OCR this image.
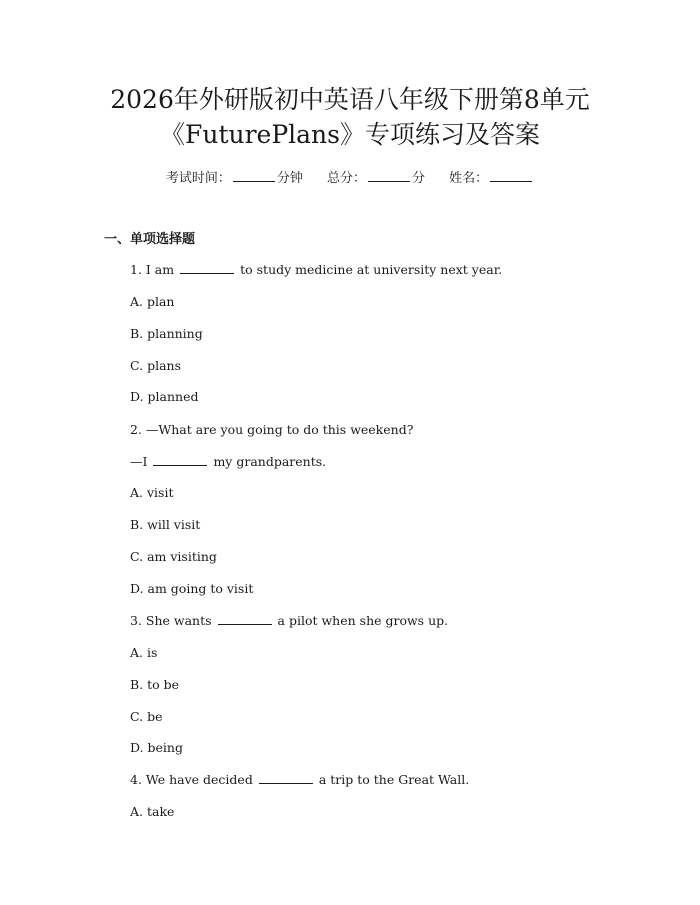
2026年外研版初中英语八年级下册第8单元
《FuturePlans》专项练习及答案
考试时间：	分钟 总分：	分 姓名：
一、单项选择题
1. I am	to study medicine at university next year.
A. plan
B. planning
C. plans
D. planned
2. —What are you going to do this weekend?
—I	my grandparents.
A. visit
B. will visit
C. am visiting
D. am going to visit
3. She wants	a pilot when she grows up.
A. is
B. to be
C. be
D. being
4. We have decided	a trip to the Great Wall.
A. take
